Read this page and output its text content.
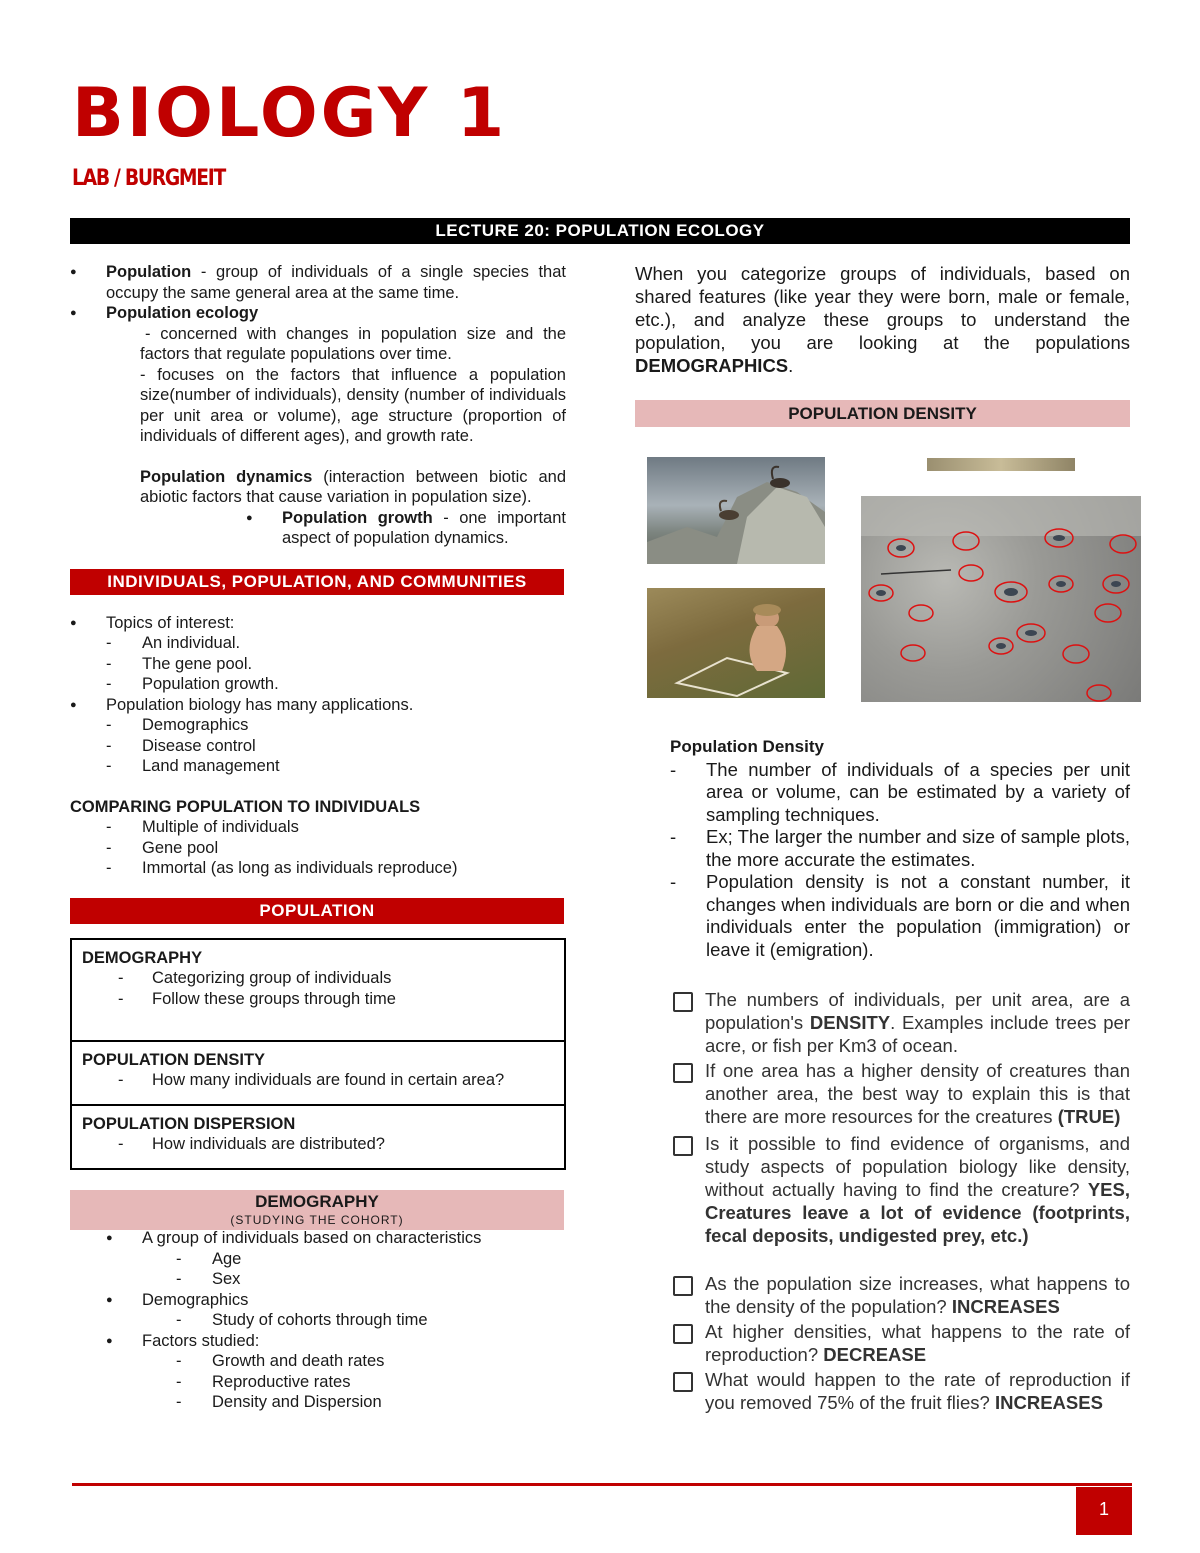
BIOLOGY 1

LAB / BURGMEIT

LECTURE 20: POPULATION ECOLOGY
● Population - group of individuals of a single species that occupy the same general area at the same time.
● Population ecology
- concerned with changes in population size and the factors that regulate populations over time.
- focuses on the factors that influence a population size(number of individuals), density (number of individuals per unit area or volume), age structure (proportion of individuals of different ages), and growth rate.
Population dynamics (interaction between biotic and abiotic factors that cause variation in population size).
● Population growth - one important aspect of population dynamics.
INDIVIDUALS, POPULATION, AND COMMUNITIES
● Topics of interest:
- An individual.
- The gene pool.
- Population growth.
● Population biology has many applications.
- Demographics
- Disease control
- Land management
COMPARING POPULATION TO INDIVIDUALS
- Multiple of individuals
- Gene pool
- Immortal (as long as individuals reproduce)
POPULATION
DEMOGRAPHY
- Categorizing group of individuals
- Follow these groups through time
POPULATION DENSITY
- How many individuals are found in certain area?
POPULATION DISPERSION
- How individuals are distributed?
DEMOGRAPHY
(STUDYING THE COHORT)
● A group of individuals based on characteristics
- Age
- Sex
● Demographics
- Study of cohorts through time
● Factors studied:
- Growth and death rates
- Reproductive rates
- Density and Dispersion

When you categorize groups of individuals, based on shared features (like year they were born, male or female, etc.), and analyze these groups to understand the population, you are looking at the populations DEMOGRAPHICS.

POPULATION DENSITY
Population Density
- The number of individuals of a species per unit area or volume, can be estimated by a variety of sampling techniques.
- Ex; The larger the number and size of sample plots, the more accurate the estimates.
- Population density is not a constant number, it changes when individuals are born or die and when individuals enter the population (immigration) or leave it (emigration).
The numbers of individuals, per unit area, are a population's DENSITY. Examples include trees per acre, or fish per Km3 of ocean.
If one area has a higher density of creatures than another area, the best way to explain this is that there are more resources for the creatures (TRUE)
Is it possible to find evidence of organisms, and study aspects of population biology like density, without actually having to find the creature? YES, Creatures leave a lot of evidence (footprints, fecal deposits, undigested prey, etc.)
As the population size increases, what happens to the density of the population? INCREASES
At higher densities, what happens to the rate of reproduction? DECREASE
What would happen to the rate of reproduction if you removed 75% of the fruit flies? INCREASES
1
